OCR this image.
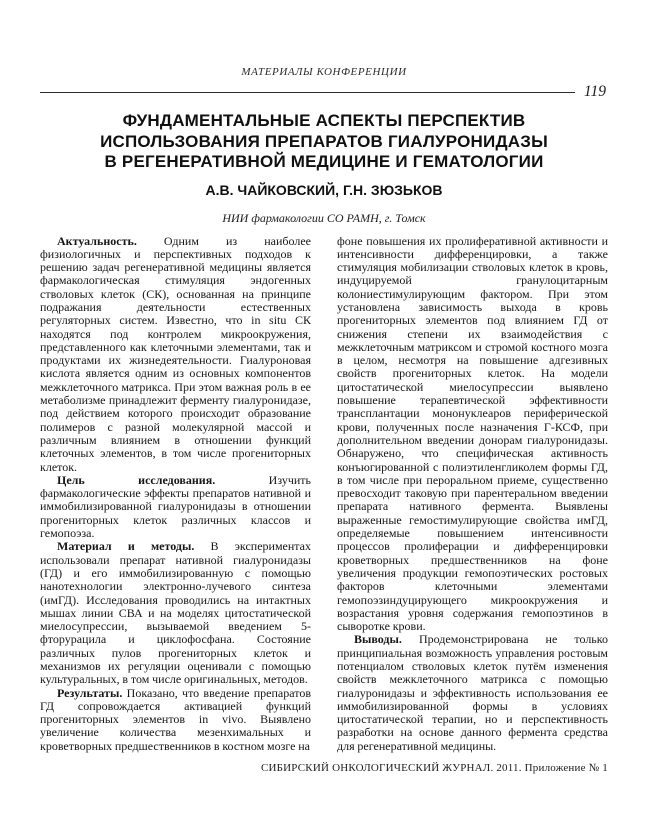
МАТЕРИАЛЫ КОНФЕРЕНЦИИ
119
ФУНДАМЕНТАЛЬНЫЕ АСПЕКТЫ ПЕРСПЕКТИВ
ИСПОЛЬЗОВАНИЯ ПРЕПАРАТОВ ГИАЛУРОНИДАЗЫ
В РЕГЕНЕРАТИВНОЙ МЕДИЦИНЕ И ГЕМАТОЛОГИИ
А.В. ЧАЙКОВСКИЙ, Г.Н. ЗЮЗЬКОВ
НИИ фармакологии СО РАМН, г. Томск

Актуальность. Одним из наиболее физиологичных и перспективных подходов к решению задач регенеративной медицины является фармакологическая стимуляция эндогенных стволовых клеток (СК), основанная на принципе подражания деятельности естественных регуляторных систем. Известно, что in situ СК находятся под контролем микроокружения, представленного как клеточными элементами, так и продуктами их жизнедеятельности. Гиалуроновая кислота является одним из основных компонентов межклеточного матрикса. При этом важная роль в ее метаболизме принадлежит ферменту гиалуронидазе, под действием которого происходит образование полимеров с разной молекулярной массой и различным влиянием в отношении функций клеточных элементов, в том числе прогениторных клеток.

Цель исследования. Изучить фармакологические эффекты препаратов нативной и иммобилизированной гиалуронидазы в отношении прогениторных клеток различных классов и гемопоэза.

Материал и методы. В экспериментах использовали препарат нативной гиалуронидазы (ГД) и его иммобилизированную с помощью нанотехнологии электронно-лучевого синтеза (имГД). Исследования проводились на интактных мышах линии СВА и на моделях цитостатической миелосупрессии, вызываемой введением 5-фторурацила и циклофосфана. Состояние различных пулов прогениторных клеток и механизмов их регуляции оценивали с помощью культуральных, в том числе оригинальных, методов.

Результаты. Показано, что введение препаратов ГД сопровождается активацией функций прогениторных элементов in vivo. Выявлено увеличение количества мезенхимальных и кроветворных предшественников в костном мозге на

фоне повышения их пролиферативной активности и интенсивности дифференцировки, а также стимуляция мобилизации стволовых клеток в кровь, индуцируемой гранулоцитарным колониестимулирующим фактором. При этом установлена зависимость выхода в кровь прогениторных элементов под влиянием ГД от снижения степени их взаимодействия с межклеточным матриксом и стромой костного мозга в целом, несмотря на повышение адгезивных свойств прогениторных клеток. На модели цитостатической миелосупрессии выявлено повышение терапевтической эффективности трансплантации мононуклеаров периферической крови, полученных после назначения Г-КСФ, при дополнительном введении донорам гиалуронидазы. Обнаружено, что специфическая активность конъюгированной с полиэтиленгликолем формы ГД, в том числе при пероральном приеме, существенно превосходит таковую при парентеральном введении препарата нативного фермента. Выявлены выраженные гемостимулирующие свойства имГД, определяемые повышением интенсивности процессов пролиферации и дифференцировки кроветворных предшественников на фоне увеличения продукции гемопоэтических ростовых факторов клеточными элементами гемопоэзиндуцирующего микроокружения и возрастания уровня содержания гемопоэтинов в сыворотке крови.

Выводы. Продемонстрирована не только принципиальная возможность управления ростовым потенциалом стволовых клеток путём изменения свойств межклеточного матрикса с помощью гиалуронидазы и эффективность использования ее иммобилизированной формы в условиях цитостатической терапии, но и перспективность разработки на основе данного фермента средства для регенеративной медицины.

СИБИРСКИЙ ОНКОЛОГИЧЕСКИЙ ЖУРНАЛ. 2011. Приложение № 1
